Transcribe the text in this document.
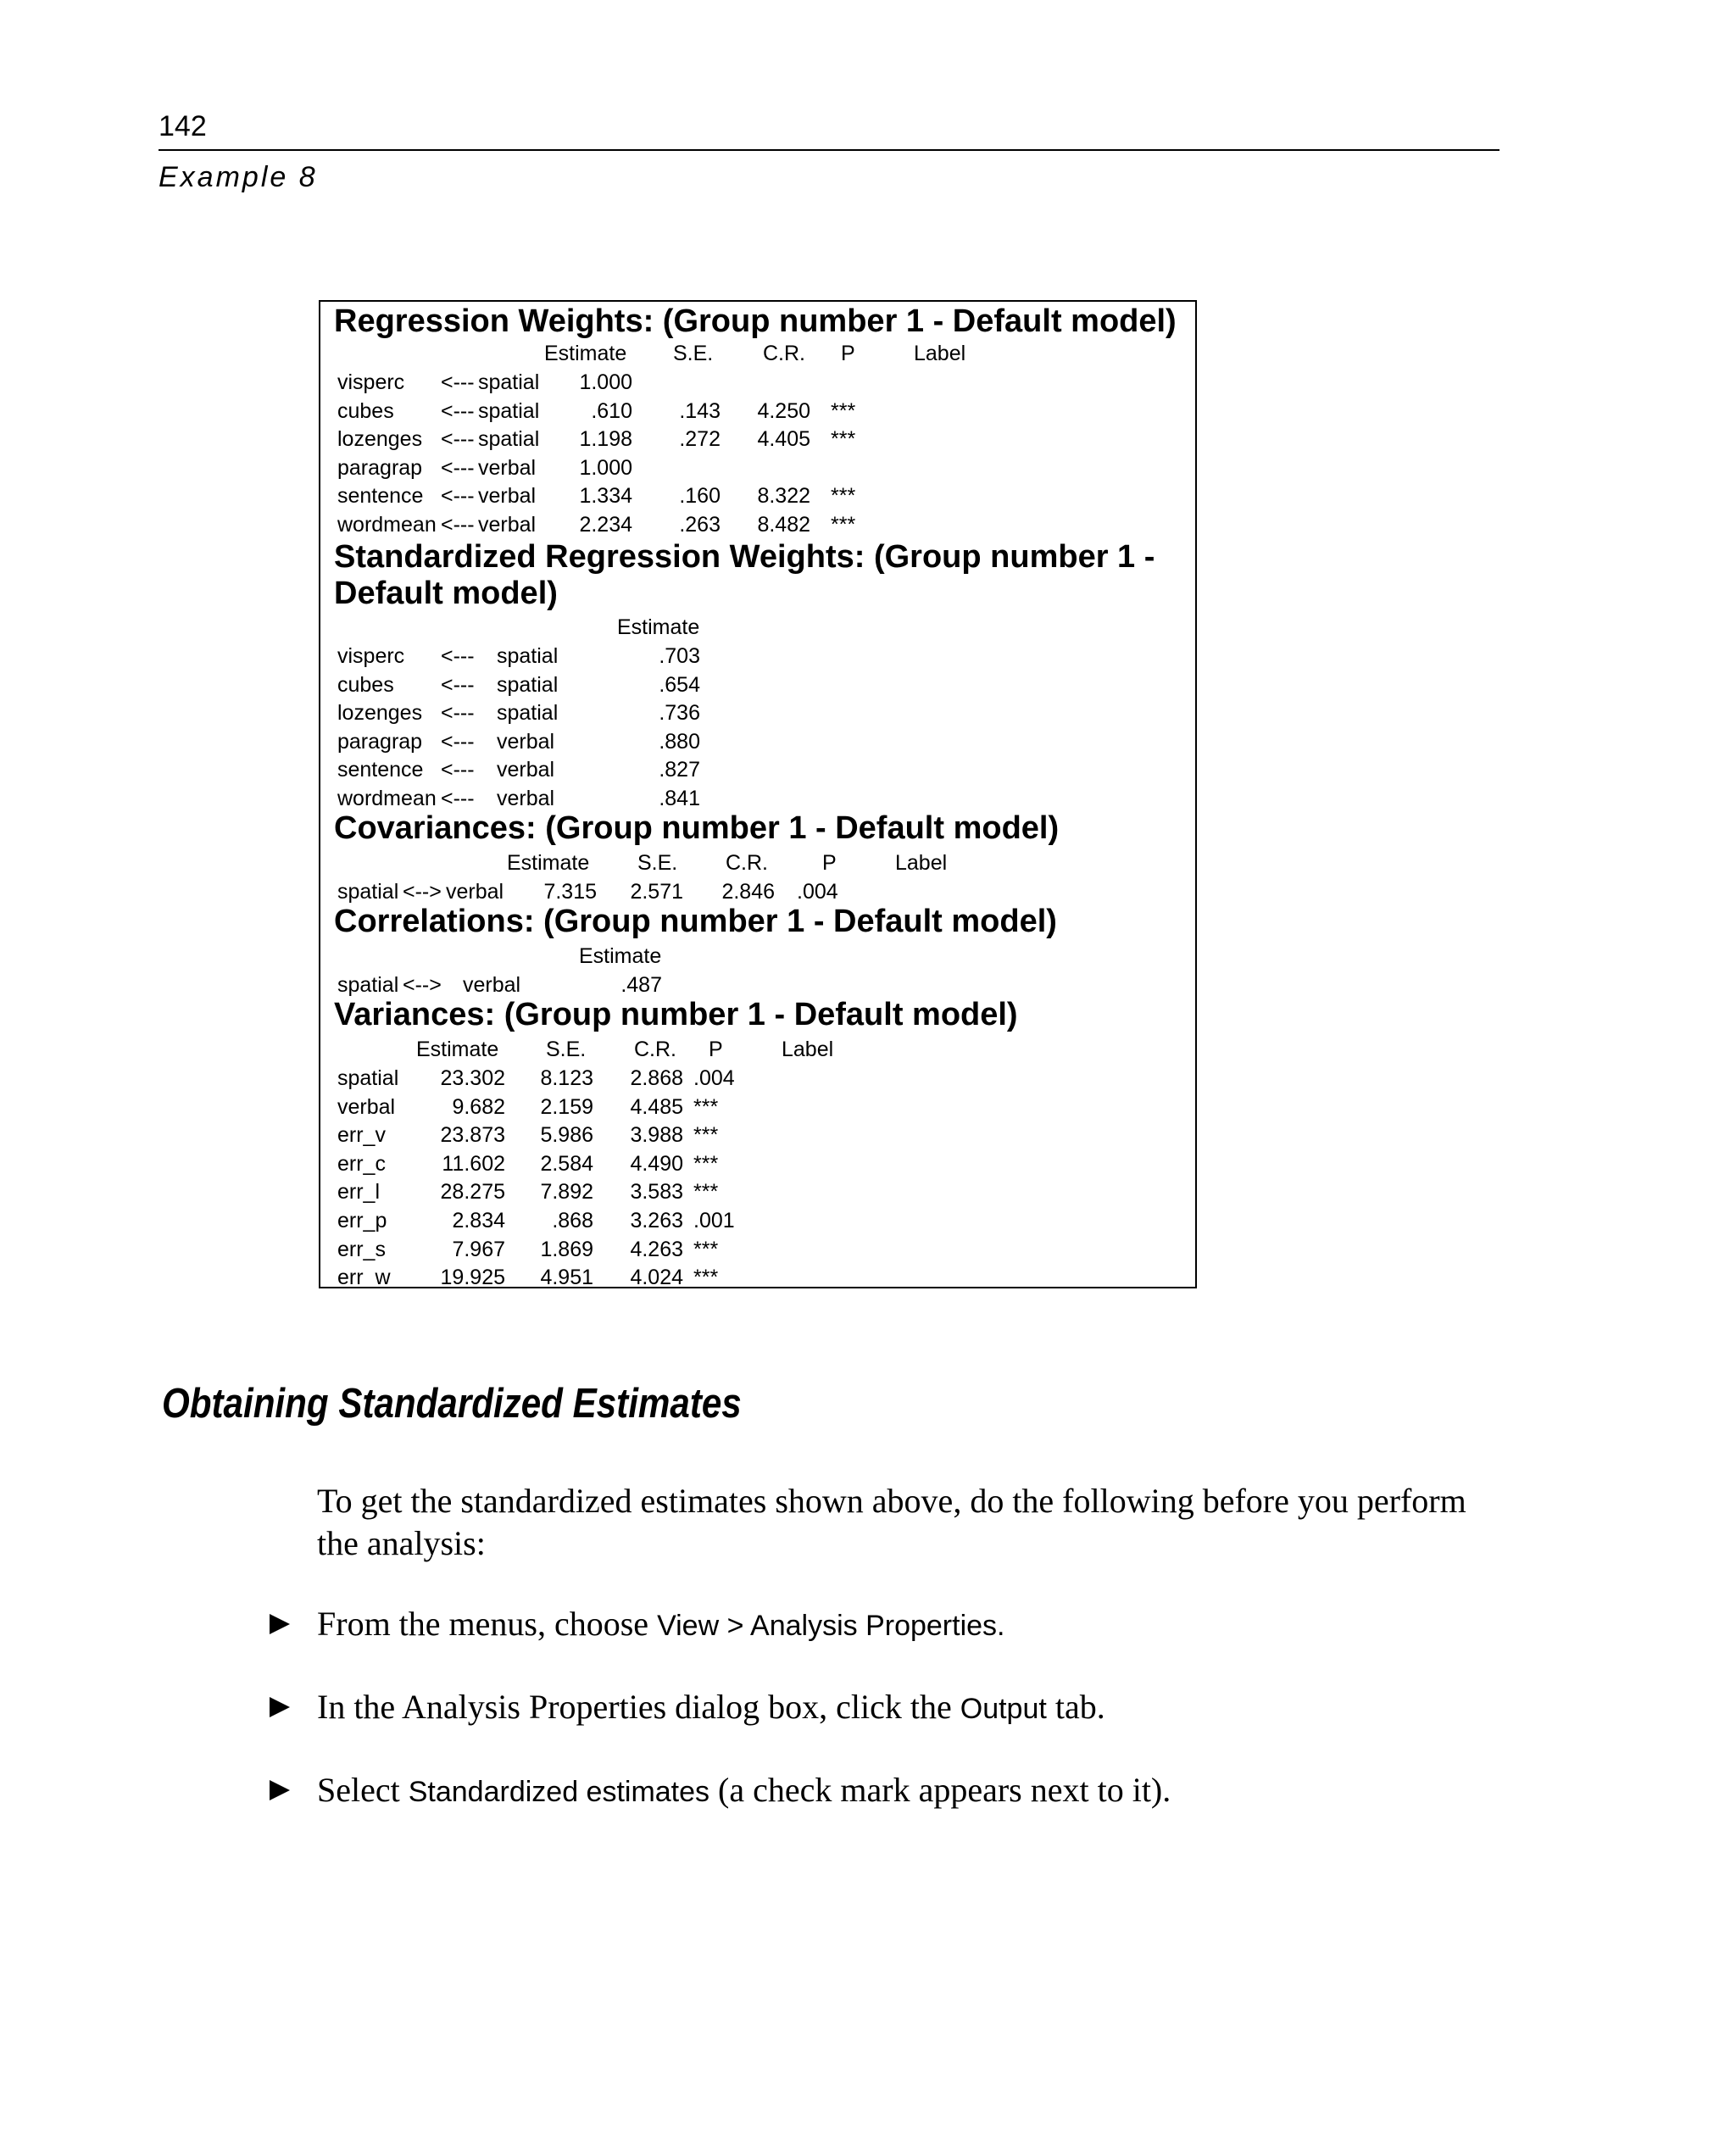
142
Example 8
Regression Weights: (Group number 1 - Default model)
Standardized Regression Weights: (Group number 1 -
Default model)
Covariances: (Group number 1 - Default model)
Correlations: (Group number 1 - Default model)
Variances: (Group number 1 - Default model)
Estimate S.E. C.R. P	Label
visperc <--- spatial	1.000
cubes <--- spatial	.610	.143	4.250 ***
lozenges <--- spatial	1.198	.272	4.405 ***
paragrap <--- verbal	1.000
sentence <--- verbal	1.334	.160	8.322 ***
wordmean <--- verbal	2.234	.263	8.482 ***
Estimate
visperc <--- spatial	.703
cubes <--- spatial	.654
lozenges <--- spatial	.736
paragrap <--- verbal	.880
sentence <--- verbal	.827
wordmean <--- verbal	.841
Estimate S.E. C.R.	P	Label
spatial <--> verbal	7.315	2.571	2.846 .004
Estimate
spatial <--> verbal	.487
Estimate S.E. C.R. P	Label
spatial	23.302	8.123	2.868 .004
verbal	9.682	2.159	4.485 ***
err_v	23.873	5.986	3.988 ***
err_c	11.602	2.584	4.490 ***
err_l	28.275	7.892	3.583 ***
err_p	2.834	.868	3.263 .001
err_s	7.967	1.869	4.263 ***
err_w	19.925	4.951	4.024 ***
Obtaining Standardized Estimates
To get the standardized estimates shown above, do the following before you perform the analysis:
From the menus, choose View > Analysis Properties.
In the Analysis Properties dialog box, click the Output tab.
Select Standardized estimates (a check mark appears next to it).
